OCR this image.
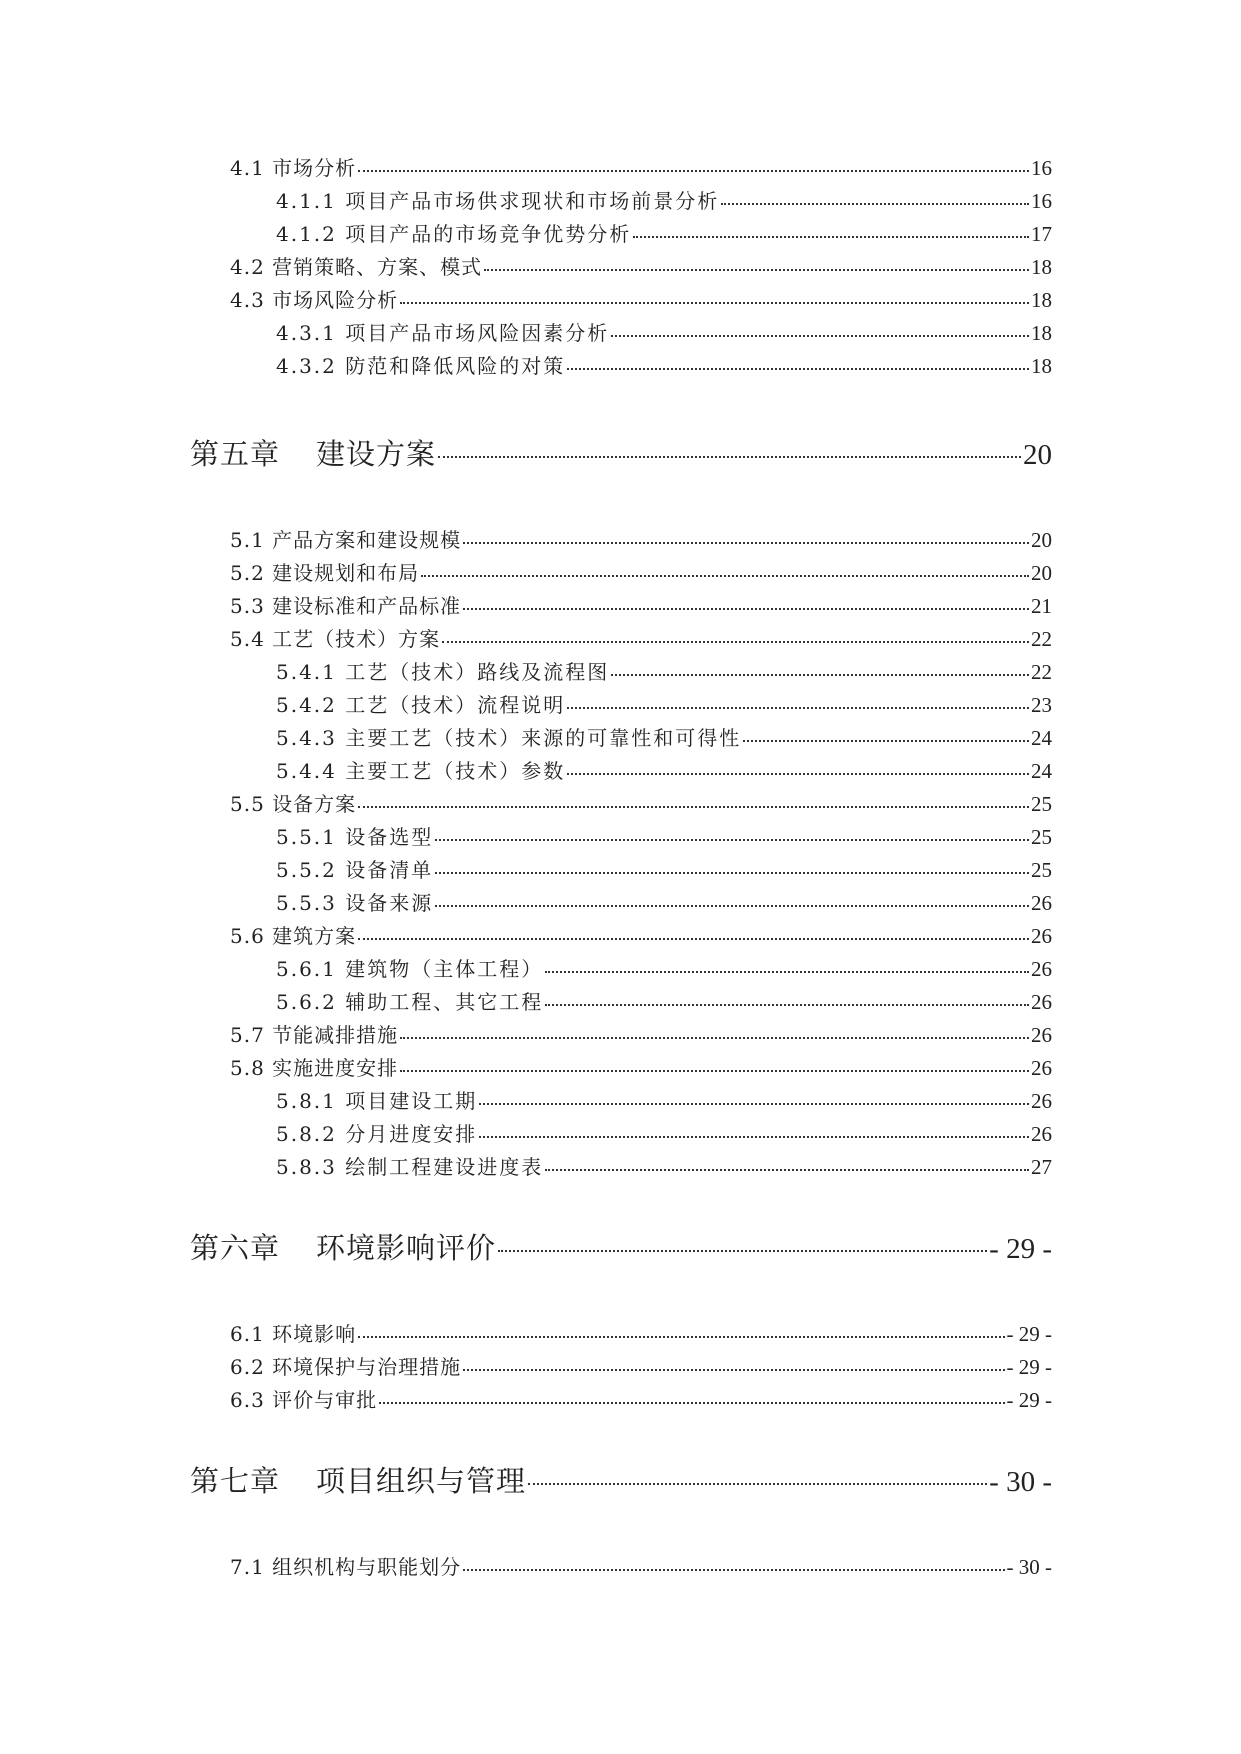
4.1 市场分析	16
4.1.1 项目产品市场供求现状和市场前景分析	16
4.1.2 项目产品的市场竞争优势分析	17
4.2 营销策略、方案、模式	18
4.3 市场风险分析	18
4.3.1 项目产品市场风险因素分析	18
4.3.2 防范和降低风险的对策	18
第五章 建设方案	20
5.1 产品方案和建设规模	20
5.2 建设规划和布局	20
5.3 建设标准和产品标准	21
5.4 工艺（技术）方案	22
5.4.1 工艺（技术）路线及流程图	22
5.4.2 工艺（技术）流程说明	23
5.4.3 主要工艺（技术）来源的可靠性和可得性	24
5.4.4 主要工艺（技术）参数	24
5.5 设备方案	25
5.5.1 设备选型	25
5.5.2 设备清单	25
5.5.3 设备来源	26
5.6 建筑方案	26
5.6.1 建筑物（主体工程）	26
5.6.2 辅助工程、其它工程	26
5.7 节能减排措施	26
5.8 实施进度安排	26
5.8.1 项目建设工期	26
5.8.2 分月进度安排	26
5.8.3 绘制工程建设进度表	27
第六章 环境影响评价	- 29 -
6.1 环境影响	- 29 -
6.2 环境保护与治理措施	- 29 -
6.3 评价与审批	- 29 -
第七章 项目组织与管理	- 30 -
7.1 组织机构与职能划分	- 30 -
